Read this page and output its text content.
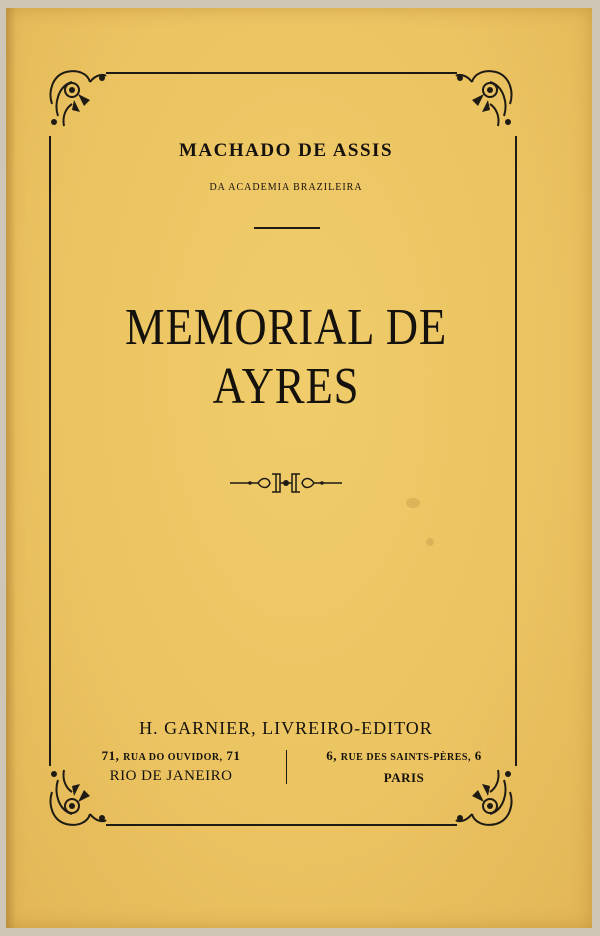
MACHADO DE ASSIS
DA ACADEMIA BRAZILEIRA
MEMORIAL DE AYRES
H. GARNIER, LIVREIRO-EDITOR
71, RUA DO OUVIDOR, 71
RIO DE JANEIRO
6, RUE DES SAINTS-PÈRES, 6
PARIS
